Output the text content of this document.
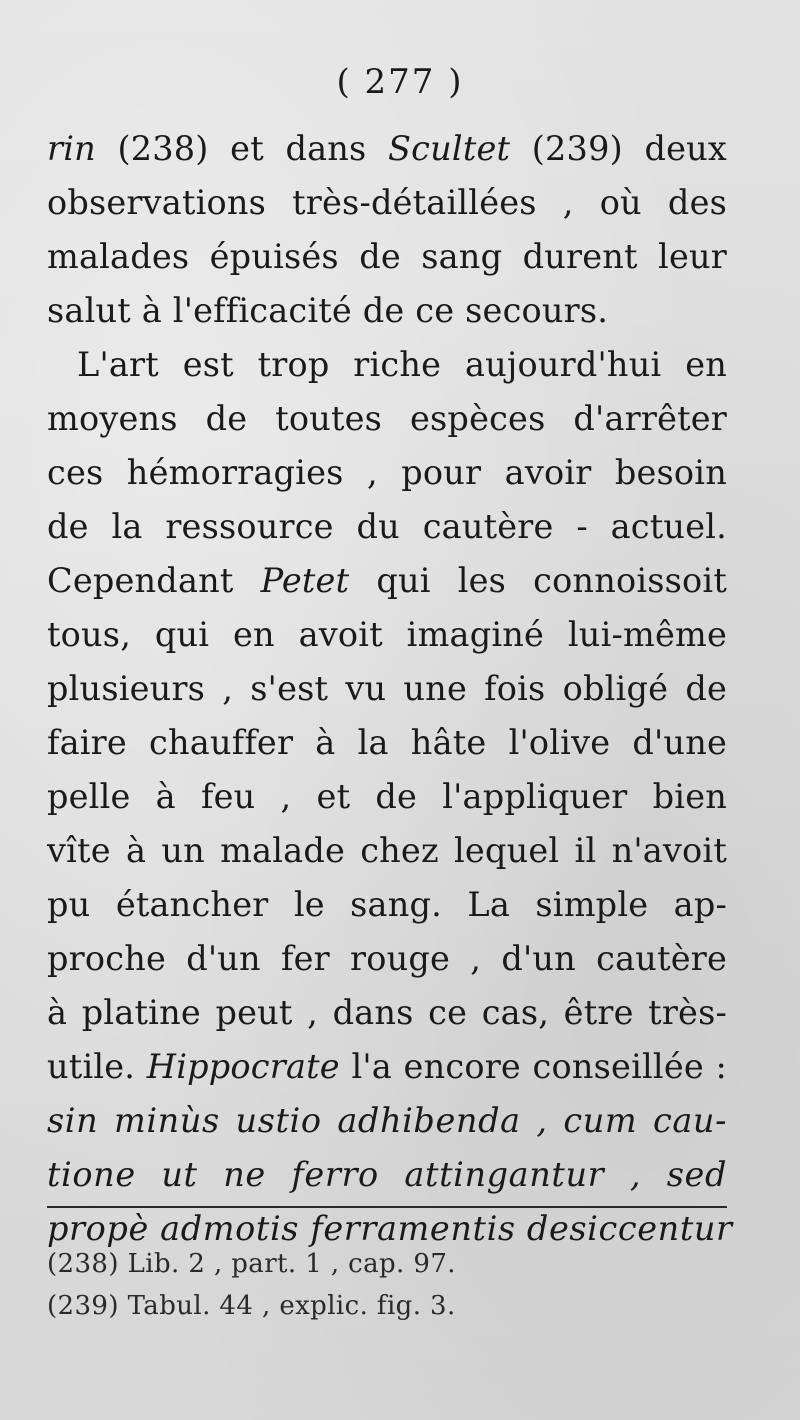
( 277 )
rin (238) et dans Scultet (239) deux
observations très-détaillées , où des
malades épuisés de sang durent leur
salut à l'efficacité de ce secours.
L'art est trop riche aujourd'hui en
moyens de toutes espèces d'arrêter
ces hémorragies , pour avoir besoin
de la ressource du cautère - actuel.
Cependant Petet qui les connoissoit
tous, qui en avoit imaginé lui-même
plusieurs , s'est vu une fois obligé de
faire chauffer à la hâte l'olive d'une
pelle à feu , et de l'appliquer bien
vîte à un malade chez lequel il n'avoit
pu étancher le sang. La simple ap-
proche d'un fer rouge , d'un cautère
à platine peut , dans ce cas, être très-
utile. Hippocrate l'a encore conseillée :
sin minùs ustio adhibenda , cum cau-
tione ut ne ferro attingantur , sed
propè admotis ferramentis desiccentur
(238) Lib. 2 , part. 1 , cap. 97.
(239) Tabul. 44 , explic. fig. 3.
